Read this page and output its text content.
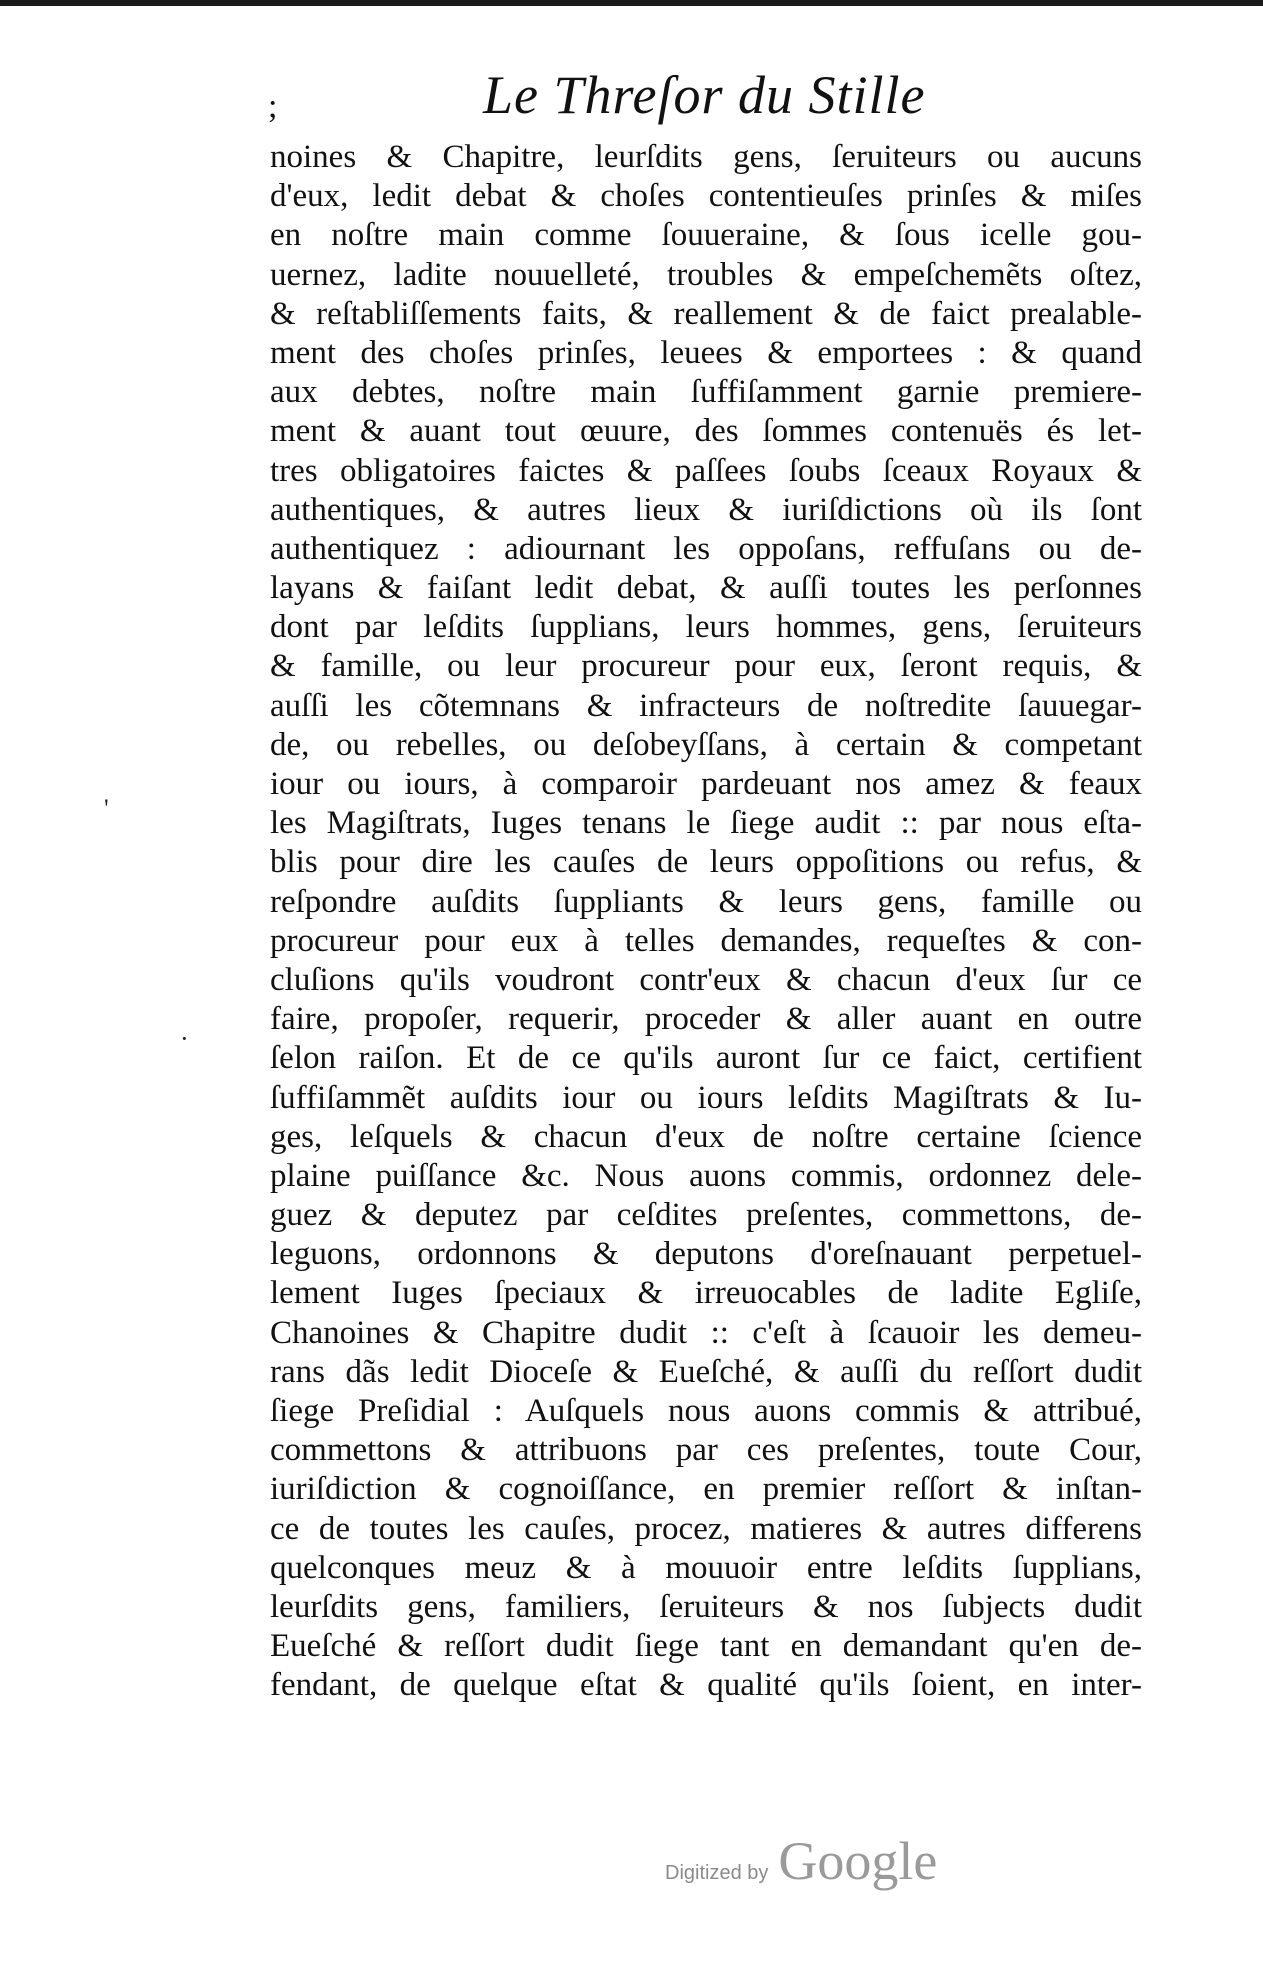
;	Le Threſor du Stille
'
·
noines & Chapitre, leurſdits gens, ſeruiteurs ou aucuns
d'eux, ledit debat & choſes contentieuſes prinſes & miſes
en noſtre main comme ſouueraine, & ſous icelle gou-
uernez, ladite nouuelleté, troubles & empeſchemẽts oſtez,
& reſtabliſſements faits, & reallement & de faict prealable-
ment des choſes prinſes, leuees & emportees : & quand
aux debtes, noſtre main ſuffiſamment garnie premiere-
ment & auant tout œuure, des ſommes contenuës és let-
tres obligatoires faictes & paſſees ſoubs ſceaux Royaux &
authentiques, & autres lieux & iuriſdictions où ils ſont
authentiquez : adiournant les oppoſans, reffuſans ou de-
layans & faiſant ledit debat, & auſſi toutes les perſonnes
dont par leſdits ſupplians, leurs hommes, gens, ſeruiteurs
& famille, ou leur procureur pour eux, ſeront requis, &
auſſi les cõtemnans & infracteurs de noſtredite ſauuegar-
de, ou rebelles, ou deſobeyſſans, à certain & competant
iour ou iours, à comparoir pardeuant nos amez & feaux
les Magiſtrats, Iuges tenans le ſiege audit :: par nous eſta-
blis pour dire les cauſes de leurs oppoſitions ou refus, &
reſpondre auſdits ſuppliants & leurs gens, famille ou
procureur pour eux à telles demandes, requeſtes & con-
cluſions qu'ils voudront contr'eux & chacun d'eux ſur ce
faire, propoſer, requerir, proceder & aller auant en outre
ſelon raiſon. Et de ce qu'ils auront ſur ce faict, certifient
ſuffiſammẽt auſdits iour ou iours leſdits Magiſtrats & Iu-
ges, leſquels & chacun d'eux de noſtre certaine ſcience
plaine puiſſance &c. Nous auons commis, ordonnez dele-
guez & deputez par ceſdites preſentes, commettons, de-
leguons, ordonnons & deputons d'oreſnauant perpetuel-
lement Iuges ſpeciaux & irreuocables de ladite Egliſe,
Chanoines & Chapitre dudit :: c'eſt à ſcauoir les demeu-
rans dãs ledit Dioceſe & Eueſché, & auſſi du reſſort dudit
ſiege Preſidial : Auſquels nous auons commis & attribué,
commettons & attribuons par ces preſentes, toute Cour,
iuriſdiction & cognoiſſance, en premier reſſort & inſtan-
ce de toutes les cauſes, procez, matieres & autres differens
quelconques meuz & à mouuoir entre leſdits ſupplians,
leurſdits gens, familiers, ſeruiteurs & nos ſubjects dudit
Eueſché & reſſort dudit ſiege tant en demandant qu'en de-
fendant, de quelque eſtat & qualité qu'ils ſoient, en inter-
Digitized by Google
